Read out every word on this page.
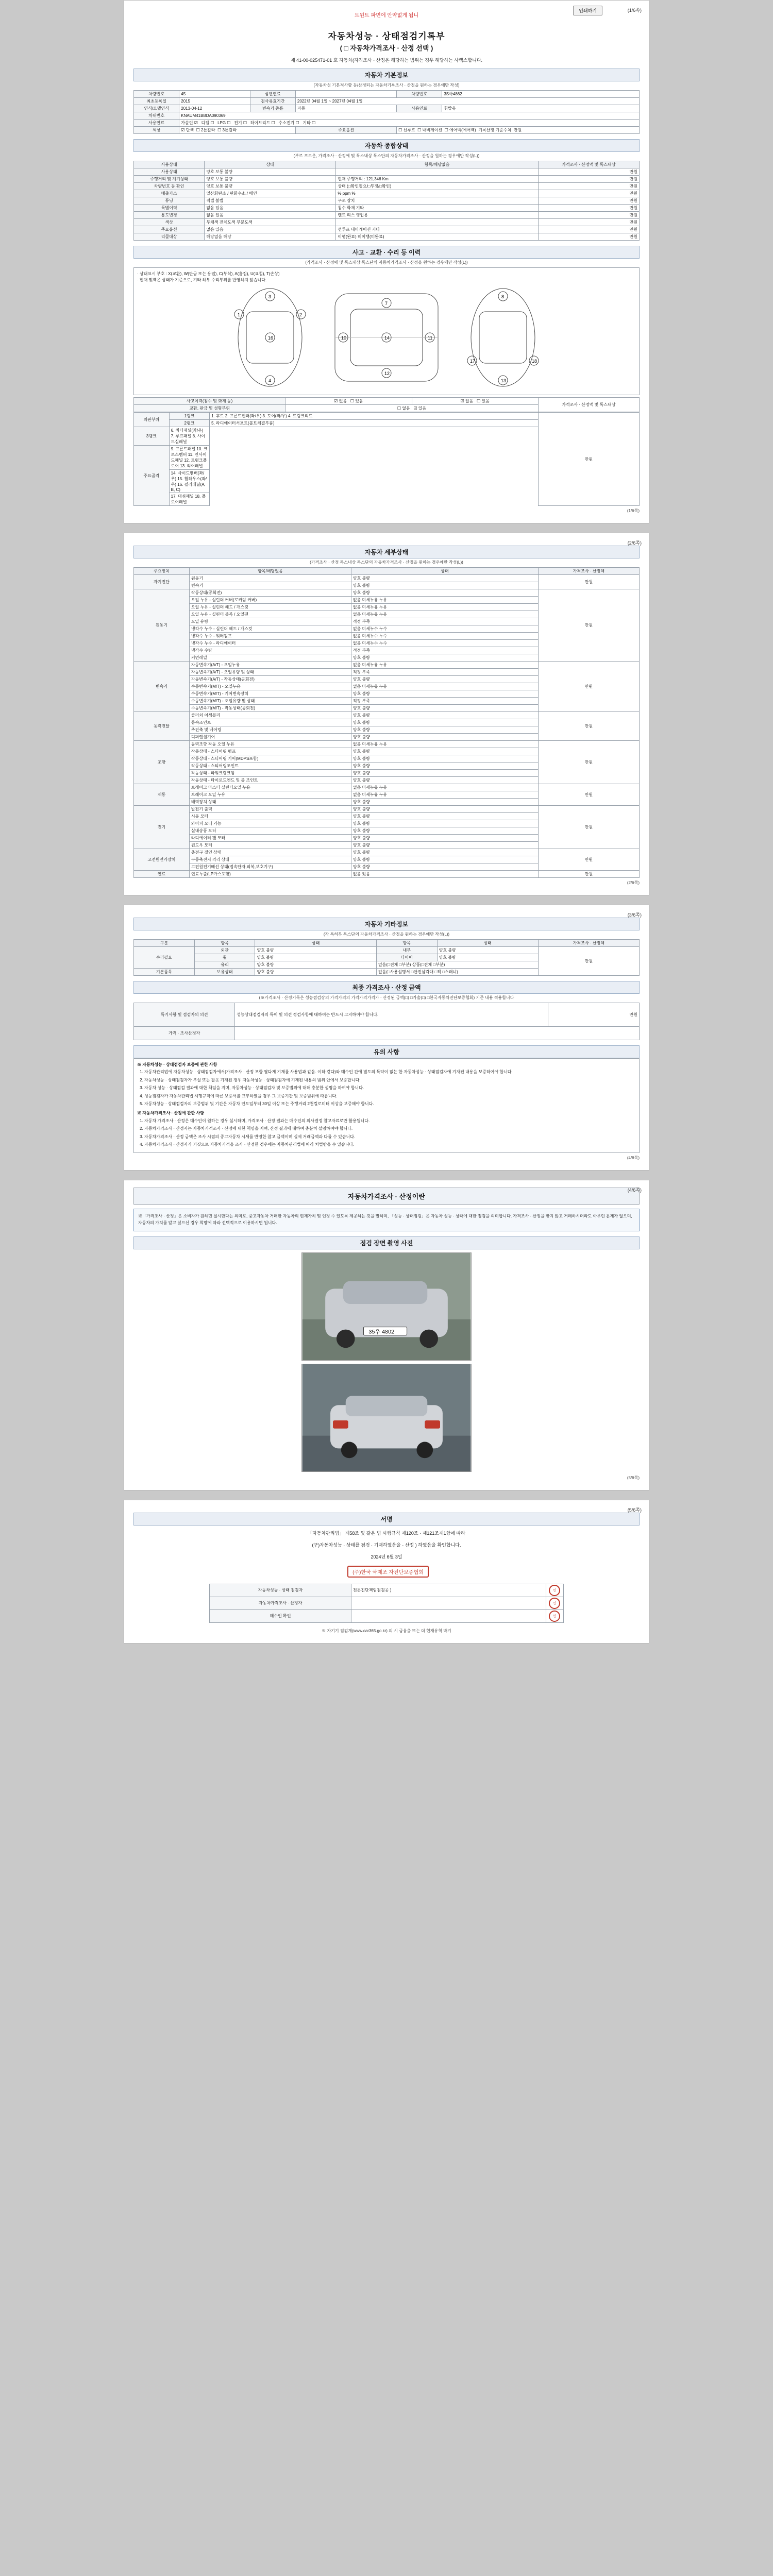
트윈트 파면에 안약없게 됩니
인쇄하기	(1/6쪽)
자동차성능 · 상태점검기록부
( □ 자동차가격조사 · 산정 선택 )
제 41-00-025471-01 호 자동차(자격조사 · 산정은 해당하는 범위는 경우 해당하는 사백스합니다.
자동차 기본정보
(자동차성 기본적사항 등/산정되는 자동차기록조사 · 산정을 원하는 경우에만 작성)
차량번호	45	삼변연료		차량번호	3S아4862
최초등록일	2015	검사유효기간	2022년 04월 1일 ~ 2027년 04월 1일		
연식/모델연식	2013-04-12	변속기 종류	자동	사용연료	휘발유
차대번호	KNAUM41BBDA090369				
사용연료	가솔린 ☑   디젤 ☐   LPG ☐   전기 ☐   하이브리드 ☐   수소전기 ☐   기타 ☐				
색상	☑ 단색  ☐ 2톤칼라  ☐ 3톤칼라		주요옵션	☐ 선루프  ☐ 내비게이션  ☐ 에어백(에어백) 기록산정 기준수치 만원	
자동차 종합상태
(부르 프로운, 가격조사 · 산정에 및 톡스내상 톡스단의 자동차가격조사 · 산정을 원하는 경우에만 작성(L))
사용상태	상태	항목/해당없음	가격조사 · 산정액 및 톡스내상
사용상태	양호 보통 불량		만원
주행거리 및 계기상태	양호 보통 불량	현재 주행거리 : 121,346 Km	만원
차량번호 등 확인	양호 보통 불량	상태 (□확인필요/□부정/□확인)	만원
배출가스	일산화탄소 / 탄화수소 / 매연	% ppm %	만원
튜닝	적법 불법	구조 장치	만원
특별이력	없음 있음	침수 화재 기타	만원
용도변경	없음 있음	렌트 리스 영업용	만원
색상	무채색 전체도색 부분도색		만원
주요옵션	없음 있음	선루프 내비게이션 기타	만원
리콜대상	해당없음 해당	이행(완료) 미이행(미완료)	만원
사고 · 교환 · 수리 등 이력
(가격조사 · 산정에 및 톡스내상 톡스단의 자동차가격조사 · 산정을 원하는 경우에만 작성(L))
· 상태표시 부호 : X(교환), W(판금 또는 용접), C(부식), A(흠집), U(요철), T(손상)
· 현재 및백은 상태가 기준으로, 기타 하부 수리부위를 반영하지 않습니다.
1	2
3
4
16
7
10	11
12
14
17	18
8
13
사고이력(침수 및 화재 등)	☑ 없음   ☐ 있음	☑ 없음   ☐ 있음	가격조사 · 산정액 및 톡스내상
교환, 판금 및 성형부위	☐ 없음   ☑ 있음		
외판부위	1랭크	1. 후드 2. 프론트펜더(좌/우) 3. 도어(좌/우) 4. 트렁크리드	만원
	2랭크	5. 라디에이터서포트(볼트체결부품)	
3랭크	6. 쿼터패널(좌/우) 7. 루프패널 8. 사이드실패널		
주요골격	9. 프론트패널 10. 크로스멤버 11. 인사이드패널 12. 트렁크플로어 13. 리어패널		
	14. 사이드멤버(좌/우) 15. 휠하우스(좌/우) 16. 필러패널(A, B, C)		
	17. 대쉬패널 18. 플로어패널		
(1/6쪽)
(2/6쪽)
자동차 세부상태
(가격조사 · 산정 톡스내상 톡스단의 자동차가격조사 · 산정을 원하는 경우에만 작성(L))
주요장치	항목/해당없음	상태	가격조사 · 산정액
자기진단	원동기	양호 불량	만원
	변속기	양호 불량	
원동기	작동상태(공회전)	양호 불량	만원
	오일 누유 - 실린더 커버(로커암 커버)	없음 미세누유 누유	
	오일 누유 - 실린더 헤드 / 개스킷	없음 미세누유 누유	
	오일 누유 - 실린더 블록 / 오일팬	없음 미세누유 누유	
	오일 유량	적정 부족	
	냉각수 누수 - 실린더 헤드 / 개스킷	없음 미세누수 누수	
	냉각수 누수 - 워터펌프	없음 미세누수 누수	
	냉각수 누수 - 라디에이터	없음 미세누수 누수	
	냉각수 수량	적정 부족	
	커먼레일	양호 불량	
변속기	자동변속기(A/T) - 오일누유	없음 미세누유 누유	만원
	자동변속기(A/T) - 오일유량 및 상태	적정 부족	
	자동변속기(A/T) - 작동상태(공회전)	양호 불량	
	수동변속기(M/T) - 오일누유	없음 미세누유 누유	
	수동변속기(M/T) - 기어변속장치	양호 불량	
	수동변속기(M/T) - 오일유량 및 상태	적정 부족	
	수동변속기(M/T) - 작동상태(공회전)	양호 불량	
동력전달	클러치 어셈블리	양호 불량	만원
	등속조인트	양호 불량	
	추진축 및 베어링	양호 불량	
	디퍼렌셜기어	양호 불량	
조향	동력조향 작동 오일 누유	없음 미세누유 누유	만원
	작동상태 - 스티어링 펌프	양호 불량	
	작동상태 - 스티어링 기어(MDPS포함)	양호 불량	
	작동상태 - 스티어링조인트	양호 불량	
	작동상태 - 파워크랭크암	양호 불량	
	작동상태 - 타이로드엔드 및 볼 조인트	양호 불량	
제동	브레이크 마스터 실린더오일 누유	없음 미세누유 누유	만원
	브레이크 오일 누유	없음 미세누유 누유	
	배력장치 상태	양호 불량	
전기	발전기 출력	양호 불량	만원
	시동 모터	양호 불량	
	와이퍼 모터 기능	양호 불량	
	실내송풍 모터	양호 불량	
	라디에이터 팬 모터	양호 불량	
	윈도우 모터	양호 불량	
고전원전기장치	충전구 절연 상태	양호 불량	만원
	구동축전지 격리 상태	양호 불량	
	고전원전기배선 상태(접속단자,피복,보호기구)	양호 불량	
연료	연료누출(LP가스포함)	없음 있음	만원
(2/6쪽)
(3/6쪽)
자동차 기타정보
(각 특히부 톡스단의 자동차가격조사 · 산정을 원하는 경우에만 작성(L))
구분	항목	상태	항목	상태	가격조사 · 산정액
수리필요	외관	양호 불량	내부	양호 불량	만원
	휠	양호 불량	타이어	양호 불량	
	유리	양호 불량	없음(□전체 □부분) 상품(□전체 □부분)		
기본품목	보유상태	양호 불량	없음(□사용설명서 □안전삼각대 □잭 □스패너)		
최종 가격조사 · 산정 금액
(※가격조사 · 산정기록은 성능점검장의 가격가격의 가격가격가격가 · 산정된 금액(□) □가솔(□) □한국자동차진단보증협회) 기준 내용 적용합니다
특기사항 및 점검자의 의견	성능상태점검자의 특이 및 의견 정검사항에 대하여는 반드시 고지하여야 합니다.	만원
가격 · 조사산정자		
유의 사항
※ 자동차성능 · 상태점검자 보증에 관한 사항
1. 자동차관리법에 자동차성능 · 상태점검자에서(가격조사 · 산정 포함 팔다게 기재를 사용법과 같음. 이하 같다)와 매수인 간에 별도의 특약이 없는 한 자동차성능 · 상태점검자에 기재된 내용을 보증하여야 합니다.
2. 자동차성능 · 상태점검자가 부실 또는 잘못 기재된 경우 자동차성능 · 상태점검자에 기재된 내용의 범위 안에서 보증합니다.
3. 자동차 성능 · 상태점검 결과에 대한 책임을 지며, 자동차성능 · 상태점검자 및 보증범위에 대해 충분한 설명을 하여야 합니다.
4. 성능점검자가 자동차관리법 시행규칙에 따른 보증서를 교부하였을 경우 그 보증기간 및 보증범위에 따릅니다.
5. 자동차성능 · 상태점검자의 보증범위 및 기간은 자동차 인도일부터 30일 이상 또는 주행거리 2천킬로미터 이상을 보증해야 합니다.
※ 자동차가격조사 · 산정에 관한 사항
1. 자동차 가격조사 · 산정은 매수인이 원하는 경우 실시하며, 가격조사 · 산정 결과는 매수인의 의사결정 참고자료로만 활용됩니다.
2. 자동차가격조사 · 산정자는 자동차가격조사 · 산정에 대한 책임을 지며, 산정 결과에 대하여 충분히 설명하여야 합니다.
3. 자동차가격조사 · 산정 금액은 조사 시점의 중고자동차 시세를 반영한 참고 금액이며 실제 거래금액과 다를 수 있습니다.
4. 자동차가격조사 · 산정자가 거짓으로 자동차가격을 조사 · 산정한 경우에는 자동차관리법에 따라 처벌받을 수 있습니다.
(4/6쪽)
(4/6쪽)
자동차가격조사 · 산정이란
※「가격조사 · 산정」은 소비자가 원하면 실시한다는 의미로, 중고자동차 거래한 자동차의 현재가치 및 인정 수 있도록 제공하는 것을 말하며, 「성능 · 상태점검」은 자동차 성능 · 상태에 대한 점검을 의미합니다. 가격조사 · 산정을 받지 않고 거래하시더라도 아무런 문제가 없으며, 자동차의 가치를 알고 싶으신 경우 희망에 따라 선택적으로 이용하시면 됩니다.
점검 장면 촬영 사진
35우 4802
(5/6쪽)
(5/6쪽)
서명
「자동차관리법」 제58조 및 같은 법 시행규칙 제120조 · 제121조제1항에 따라
(구)자동차성능 · 상태를 점검 · 기재하였음을 · 산정 ) 하였음을 확인합니다.
2024년 6월 3일
(주)한국 국제조 자진단보증협회
자동차성능 · 상태 점검자	전문진단책임점검공 )	인
자동차가격조사 · 산정자		인
매수인 확인		인
※ 자기기 점검개(www.car365.go.kr) 의 시 금융을 또는 더 현재유혁 박기
